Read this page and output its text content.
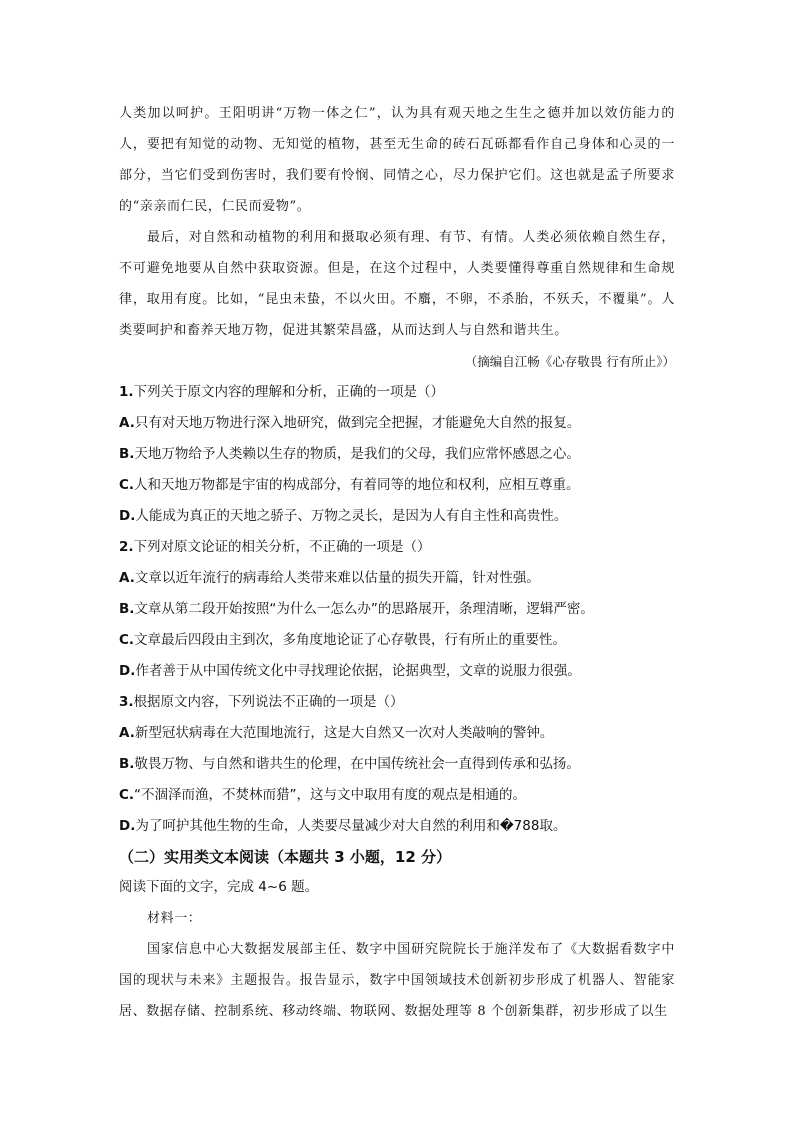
人类加以呵护。王阳明讲“万物一体之仁”，认为具有观天地之生生之德并加以效仿能力的人，要把有知觉的动物、无知觉的植物，甚至无生命的砖石瓦砾都看作自己身体和心灵的一部分，当它们受到伤害时，我们要有怜悯、同情之心，尽力保护它们。这也就是孟子所要求的“亲亲而仁民，仁民而爱物”。

最后，对自然和动植物的利用和摄取必须有理、有节、有情。人类必须依赖自然生存，不可避免地要从自然中获取资源。但是，在这个过程中，人类要懂得尊重自然规律和生命规律，取用有度。比如，“昆虫未蛰，不以火田。不麛，不卵，不杀胎，不殀夭，不覆巢”。人类要呵护和畜养天地万物，促进其繁荣昌盛，从而达到人与自然和谐共生。

（摘编自江畅《心存敬畏 行有所止》）

1.下列关于原文内容的理解和分析，正确的一项是（）

A.只有对天地万物进行深入地研究，做到完全把握，才能避免大自然的报复。

B.天地万物给予人类赖以生存的物质，是我们的父母，我们应常怀感恩之心。

C.人和天地万物都是宇宙的构成部分，有着同等的地位和权利，应相互尊重。

D.人能成为真正的天地之骄子、万物之灵长，是因为人有自主性和高贵性。

2.下列对原文论证的相关分析，不正确的一项是（）

A.文章以近年流行的病毒给人类带来难以估量的损失开篇，针对性强。

B.文章从第二段开始按照“为什么一怎么办”的思路展开，条理清晰，逻辑严密。

C.文章最后四段由主到次，多角度地论证了心存敬畏，行有所止的重要性。

D.作者善于从中国传统文化中寻找理论依据，论据典型，文章的说服力很强。

3.根据原文内容，下列说法不正确的一项是（）

A.新型冠状病毒在大范围地流行，这是大自然又一次对人类敲响的警钟。

B.敬畏万物、与自然和谐共生的伦理，在中国传统社会一直得到传承和弘扬。

C.“不涸泽而渔，不焚林而猎”，这与文中取用有度的观点是相通的。

D.为了呵护其他生物的生命，人类要尽量减少对大自然的利用和�788取。

（二）实用类文本阅读（本题共 3 小题，12 分）

阅读下面的文字，完成 4~6 题。

材料一：

国家信息中心大数据发展部主任、数字中国研究院院长于施洋发布了《大数据看数字中国的现状与未来》主题报告。报告显示，数字中国领域技术创新初步形成了机器人、智能家居、数据存储、控制系统、移动终端、物联网、数据处理等 8 个创新集群，初步形成了以生
